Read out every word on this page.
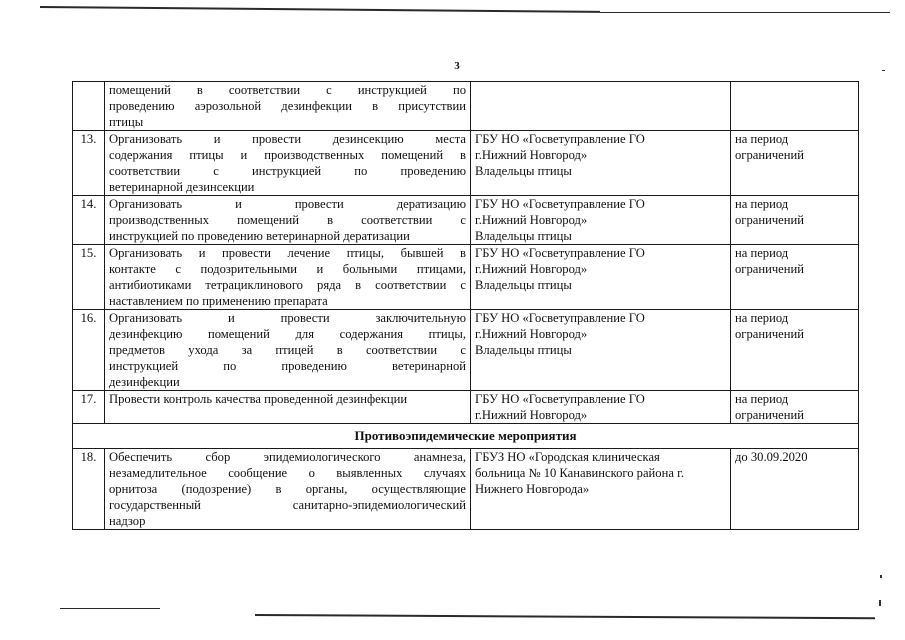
3

	помещений в соответствии с инструкцией по
проведению аэрозольной дезинфекции в присутствии
птицы		

13.	Организовать и провести дезинсекцию места
содержания птицы и производственных помещений в
соответствии с инструкцией по проведению
ветеринарной дезинсекции	ГБУ НО «Госветуправление ГО
г.Нижний Новгород»
Владельцы птицы	на период
ограничений

14.	Организовать и провести дератизацию
производственных помещений в соответствии с
инструкцией по проведению ветеринарной дератизации	ГБУ НО «Госветуправление ГО
г.Нижний Новгород»
Владельцы птицы	на период
ограничений

15.	Организовать и провести лечение птицы, бывшей в
контакте с подозрительными и больными птицами,
антибиотиками тетрациклинового ряда в соответствии с
наставлением по применению препарата	ГБУ НО «Госветуправление ГО
г.Нижний Новгород»
Владельцы птицы	на период
ограничений

16.	Организовать и провести заключительную
дезинфекцию помещений для содержания птицы,
предметов ухода за птицей в соответствии с
инструкцией по проведению ветеринарной
дезинфекции	ГБУ НО «Госветуправление ГО
г.Нижний Новгород»
Владельцы птицы	на период
ограничений

17.	Провести контроль качества проведенной дезинфекции	ГБУ НО «Госветуправление ГО
г.Нижний Новгород»	на период
ограничений

Противоэпидемические мероприятия			
18.	Обеспечить сбор эпидемиологического анамнеза,
незамедлительное сообщение о выявленных случаях
орнитоза (подозрение) в органы, осуществляющие
государственный санитарно-эпидемиологический
надзор	ГБУЗ НО «Городская клиническая
больница № 10 Канавинского района г.
Нижнего Новгорода»	до 30.09.2020
